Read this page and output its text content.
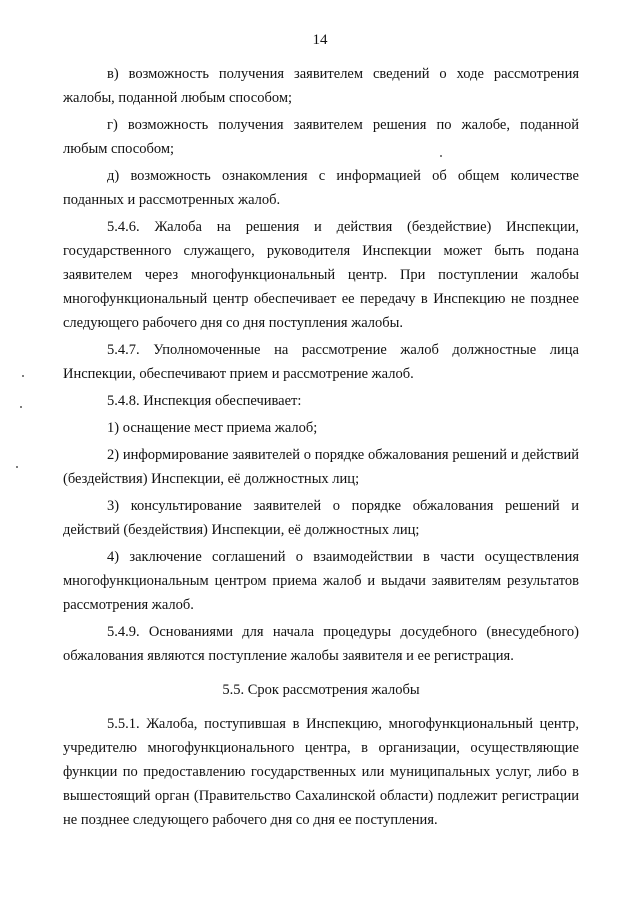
14

в) возможность получения заявителем сведений о ходе рассмотрения жалобы, поданной любым способом;

г) возможность получения заявителем решения по жалобе, поданной любым способом;

д) возможность ознакомления с информацией об общем количестве поданных и рассмотренных жалоб.

5.4.6. Жалоба на решения и действия (бездействие) Инспекции, государственного служащего, руководителя Инспекции может быть подана заявителем через многофункциональный центр. При поступлении жалобы многофункциональный центр обеспечивает ее передачу в Инспекцию не позднее следующего рабочего дня со дня поступления жалобы.

5.4.7. Уполномоченные на рассмотрение жалоб должностные лица Инспекции, обеспечивают прием и рассмотрение жалоб.

5.4.8. Инспекция обеспечивает:

1) оснащение мест приема жалоб;

2) информирование заявителей о порядке обжалования решений и действий (бездействия) Инспекции, её должностных лиц;

3) консультирование заявителей о порядке обжалования решений и действий (бездействия) Инспекции, её должностных лиц;

4) заключение соглашений о взаимодействии в части осуществления многофункциональным центром приема жалоб и выдачи заявителям результатов рассмотрения жалоб.

5.4.9. Основаниями для начала процедуры досудебного (внесудебного) обжалования являются поступление жалобы заявителя и ее регистрация.

5.5. Срок рассмотрения жалобы

5.5.1. Жалоба, поступившая в Инспекцию, многофункциональный центр, учредителю многофункционального центра, в организации, осуществляющие функции по предоставлению государственных или муниципальных услуг, либо в вышестоящий орган (Правительство Сахалинской области) подлежит регистрации не позднее следующего рабочего дня со дня ее поступления.
